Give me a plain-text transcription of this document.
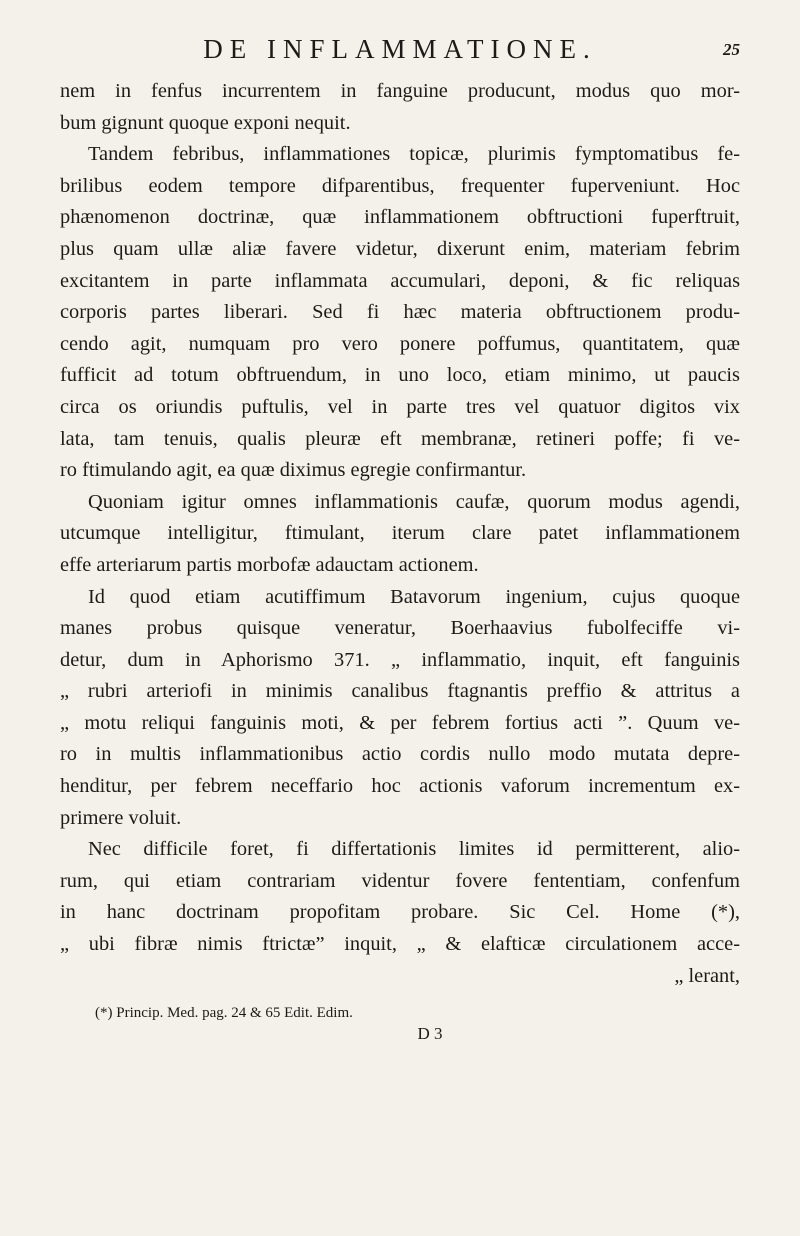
DE INFLAMMATIONE.	25
nem in fenfus incurrentem in fanguine producunt, modus quo mor-
bum gignunt quoque exponi nequit.
Tandem febribus, inflammationes topicæ, plurimis fymptomatibus fe-
brilibus eodem tempore difparentibus, frequenter fuperveniunt. Hoc
phænomenon doctrinæ, quæ inflammationem obftructioni fuperftruit,
plus quam ullæ aliæ favere videtur, dixerunt enim, materiam febrim
excitantem in parte inflammata accumulari, deponi, & fic reliquas
corporis partes liberari. Sed fi hæc materia obftructionem produ-
cendo agit, numquam pro vero ponere poffumus, quantitatem, quæ
fufficit ad totum obftruendum, in uno loco, etiam minimo, ut paucis
circa os oriundis puftulis, vel in parte tres vel quatuor digitos vix
lata, tam tenuis, qualis pleuræ eft membranæ, retineri poffe; fi ve-
ro ftimulando agit, ea quæ diximus egregie confirmantur.
Quoniam igitur omnes inflammationis caufæ, quorum modus agendi,
utcumque intelligitur, ftimulant, iterum clare patet inflammationem
effe arteriarum partis morbofæ adauctam actionem.
Id quod etiam acutiffimum Batavorum ingenium, cujus quoque
manes probus quisque veneratur, Boerhaavius fubolfeciffe vi-
detur, dum in Aphorismo 371. „ inflammatio, inquit, eft fanguinis
„ rubri arteriofi in minimis canalibus ftagnantis preffio & attritus a
„ motu reliqui fanguinis moti, & per febrem fortius acti ”. Quum ve-
ro in multis inflammationibus actio cordis nullo modo mutata depre-
henditur, per febrem neceffario hoc actionis vaforum incrementum ex-
primere voluit.
Nec difficile foret, fi differtationis limites id permitterent, alio-
rum, qui etiam contrariam videntur fovere fententiam, confenfum
in hanc doctrinam propofitam probare. Sic Cel. Home (*),
„ ubi fibræ nimis ftrictæ” inquit, „ & elafticæ circulationem acce-
„ lerant,
(*) Princip. Med. pag. 24 & 65 Edit. Edim.
D 3
